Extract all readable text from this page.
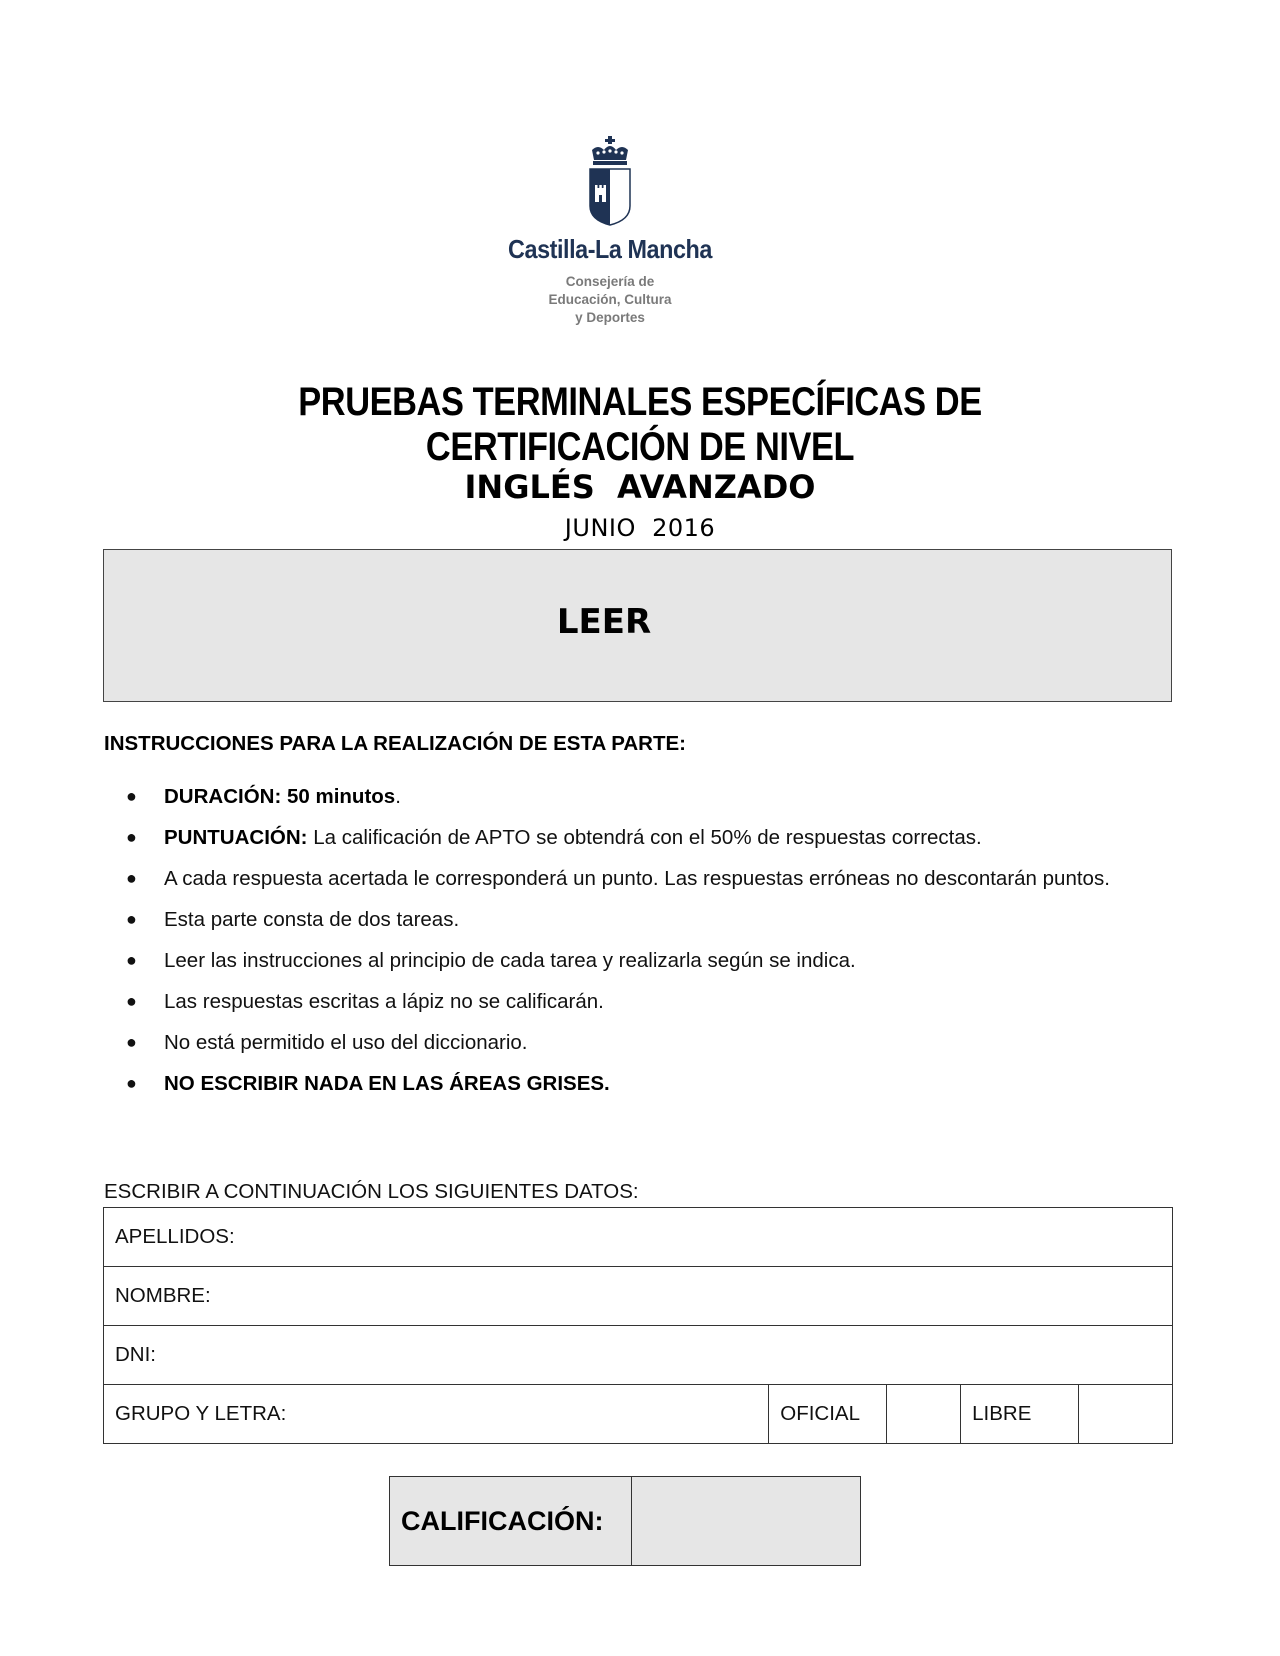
Castilla-La Mancha
Consejería de
Educación, Cultura
y Deportes
PRUEBAS TERMINALES ESPECÍFICAS DE CERTIFICACIÓN DE NIVEL
INGLÉS  AVANZADO
JUNIO  2016
LEER
INSTRUCCIONES PARA LA REALIZACIÓN DE ESTA PARTE:
● DURACIÓN: 50 minutos.
● PUNTUACIÓN: La calificación de APTO se obtendrá con el 50% de respuestas correctas.
● A cada respuesta acertada le corresponderá un punto. Las respuestas erróneas no descontarán puntos.
● Esta parte consta de dos tareas.
● Leer las instrucciones al principio de cada tarea y realizarla según se indica.
● Las respuestas escritas a lápiz no se calificarán.
● No está permitido el uso del diccionario.
● NO ESCRIBIR NADA EN LAS ÁREAS GRISES.
ESCRIBIR A CONTINUACIÓN LOS SIGUIENTES DATOS:
APELLIDOS:
NOMBRE:
DNI:
GRUPO Y LETRA:	OFICIAL		LIBRE	
CALIFICACIÓN:	
